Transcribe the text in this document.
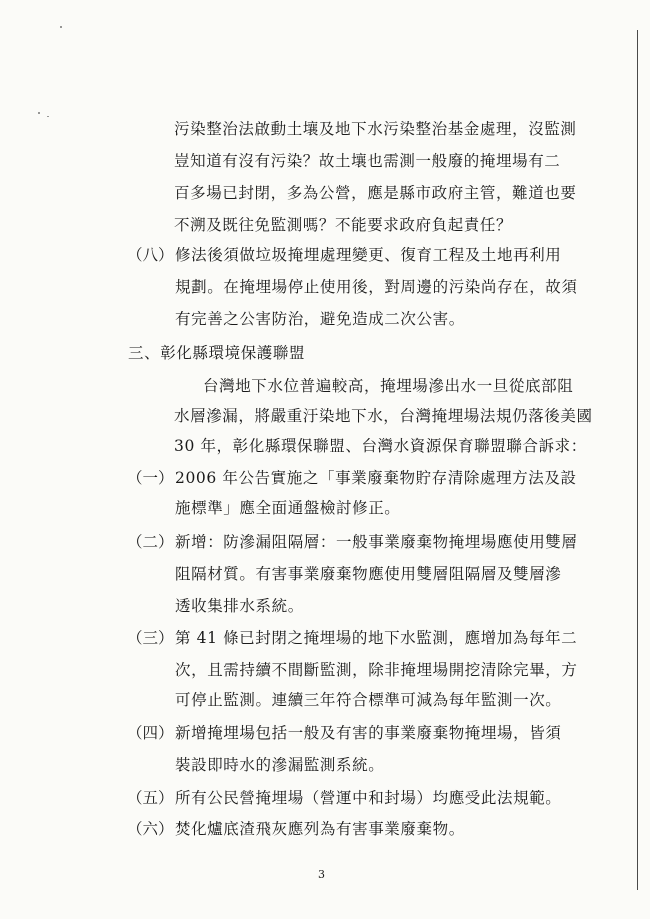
污染整治法啟動土壤及地下水污染整治基金處理，沒監測
豈知道有沒有污染？故土壤也需測一般廢的掩埋場有二
百多場已封閉，多為公營，應是縣市政府主管，難道也要
不溯及既往免監測嗎？不能要求政府負起責任？
（八） 修法後須做垃圾掩埋處理變更、復育工程及土地再利用
規劃。在掩埋場停止使用後，對周邊的污染尚存在，故須
有完善之公害防治，避免造成二次公害。
三、彰化縣環境保護聯盟
台灣地下水位普遍較高，掩埋場滲出水一旦從底部阻
水層滲漏，將嚴重汙染地下水，台灣掩埋場法規仍落後美國
30 年，彰化縣環保聯盟、台灣水資源保育聯盟聯合訴求：
（一） 2006 年公告實施之「事業廢棄物貯存清除處理方法及設
施標準」應全面通盤檢討修正。
（二） 新增：防滲漏阻隔層：一般事業廢棄物掩埋場應使用雙層
阻隔材質。有害事業廢棄物應使用雙層阻隔層及雙層滲
透收集排水系統。
（三） 第 41 條已封閉之掩埋場的地下水監測，應增加為每年二
次，且需持續不間斷監測，除非掩埋場開挖清除完畢，方
可停止監測。連續三年符合標準可減為每年監測一次。
（四） 新增掩埋場包括一般及有害的事業廢棄物掩埋場，皆須
裝設即時水的滲漏監測系統。
（五） 所有公民營掩埋場（營運中和封場）均應受此法規範。
（六） 焚化爐底渣飛灰應列為有害事業廢棄物。
3
